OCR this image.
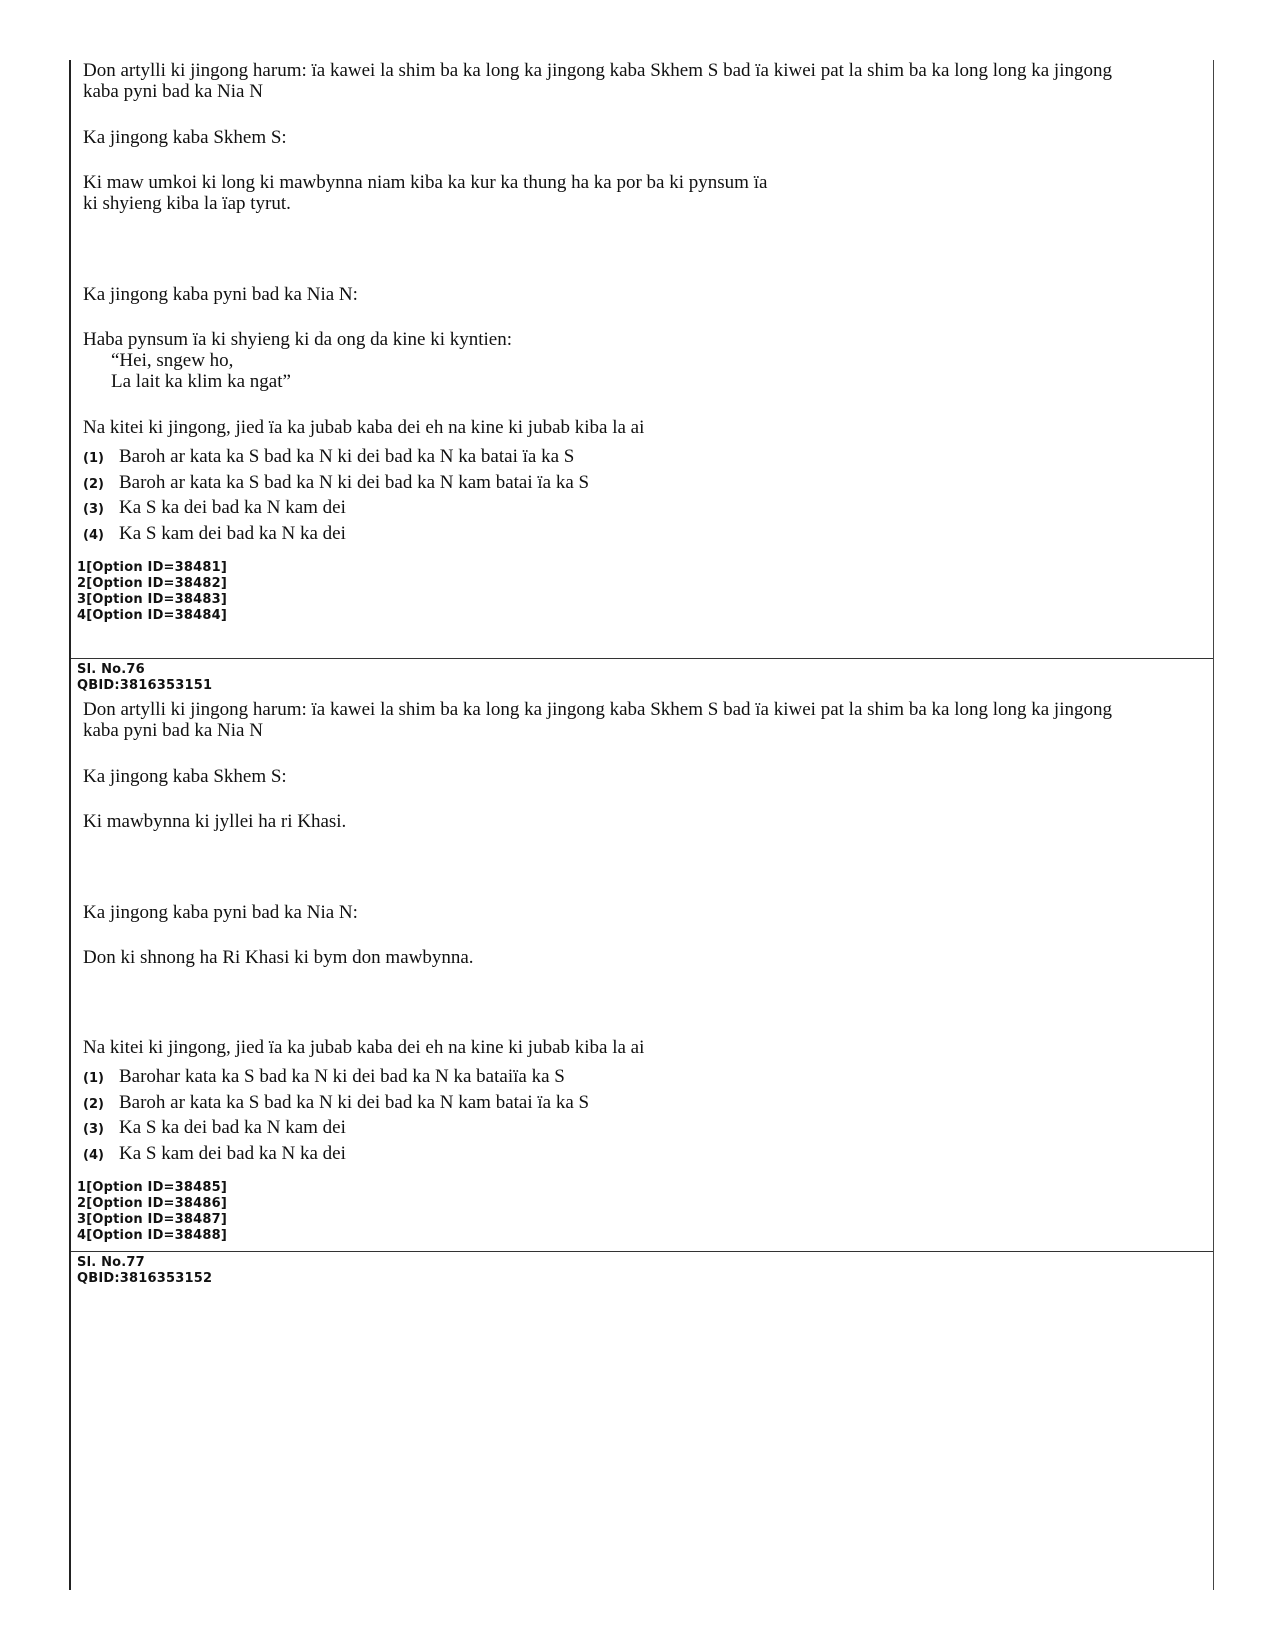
Don artylli ki jingong harum: ïa kawei la shim ba ka long ka jingong kaba Skhem S bad ïa kiwei pat la shim ba ka long long ka jingong
kaba pyni bad ka Nia N
Ka jingong kaba Skhem S:
Ki maw umkoi ki long ki mawbynna niam kiba ka kur ka thung ha ka por ba ki pynsum ïa
ki shyieng kiba la ïap tyrut.
Ka jingong kaba pyni bad ka Nia N:
Haba pynsum ïa ki shyieng ki da ong da kine ki kyntien:
“Hei, sngew ho,
La lait ka klim ka ngat”
Na kitei ki jingong, jied ïa ka jubab kaba dei eh na kine ki jubab kiba la ai
(1) Baroh ar kata ka S bad ka N ki dei bad ka N ka batai ïa ka S
(2) Baroh ar kata ka S bad ka N ki dei bad ka N kam batai ïa ka S
(3) Ka S ka dei bad ka N kam dei
(4) Ka S kam dei bad ka N ka dei
1[Option ID=38481]
2[Option ID=38482]
3[Option ID=38483]
4[Option ID=38484]
Sl. No.76
QBID:3816353151
Don artylli ki jingong harum: ïa kawei la shim ba ka long ka jingong kaba Skhem S bad ïa kiwei pat la shim ba ka long long ka jingong
kaba pyni bad ka Nia N
Ka jingong kaba Skhem S:
Ki mawbynna ki jyllei ha ri Khasi.
Ka jingong kaba pyni bad ka Nia N:
Don ki shnong ha Ri Khasi ki bym don mawbynna.
Na kitei ki jingong, jied ïa ka jubab kaba dei eh na kine ki jubab kiba la ai
(1) Barohar kata ka S bad ka N ki dei bad ka N ka bataiïa ka S
(2) Baroh ar kata ka S bad ka N ki dei bad ka N kam batai ïa ka S
(3) Ka S ka dei bad ka N kam dei
(4) Ka S kam dei bad ka N ka dei
1[Option ID=38485]
2[Option ID=38486]
3[Option ID=38487]
4[Option ID=38488]
Sl. No.77
QBID:3816353152
